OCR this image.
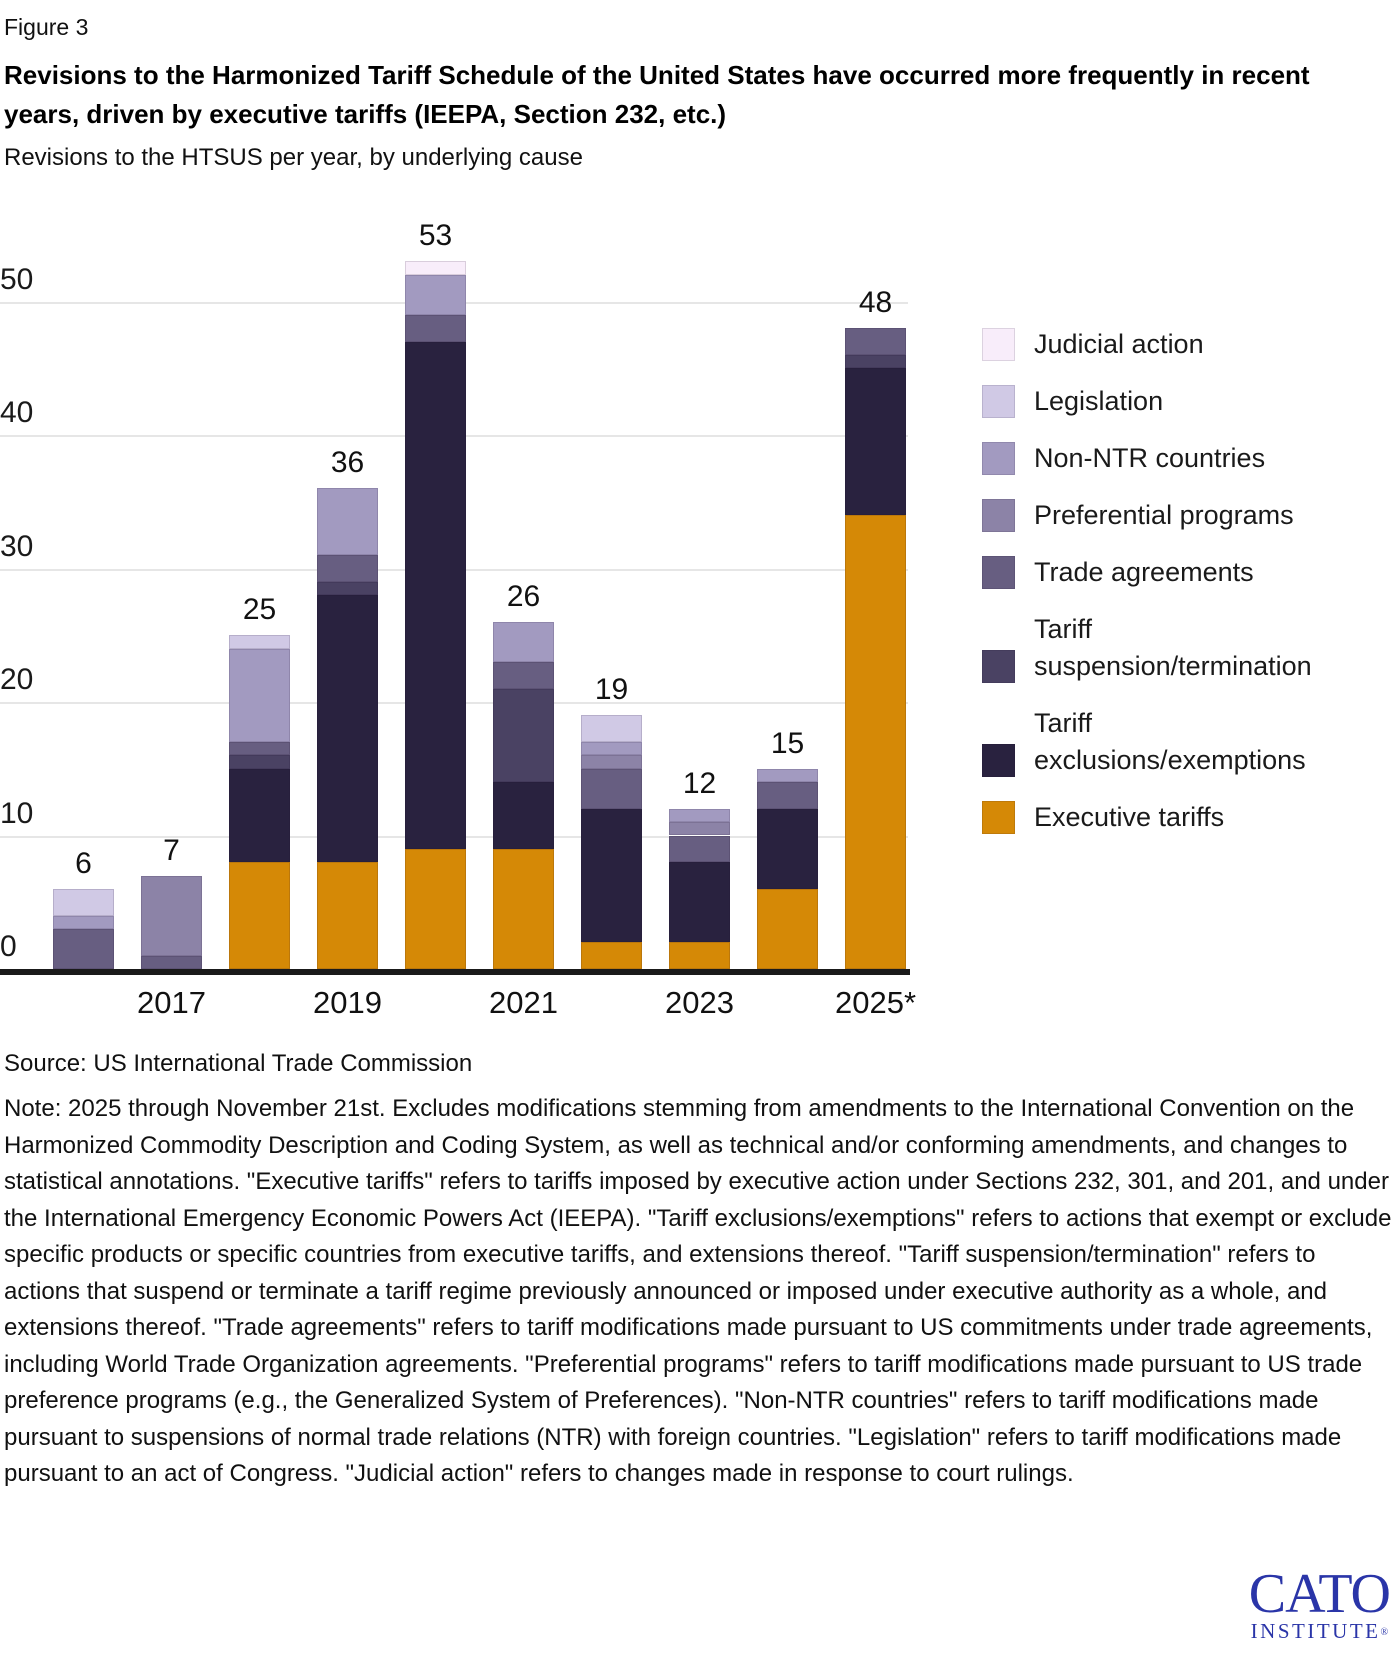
Figure 3
Revisions to the Harmonized Tariff Schedule of the United States have occurred more frequently in recent years, driven by executive tariffs (IEEPA, Section 232, etc.)
Revisions to the HTSUS per year, by underlying cause
0
10
20
30
40
50
6	7
2017
25
36
2019
53
26
2021
19
12
2023
15
48
2025*
Judicial action
Legislation
Non-NTR countries
Preferential programs
Trade agreements
Tariff suspension/termination
Tariff exclusions/exemptions
Executive tariffs
Source: US International Trade Commission
Note: 2025 through November 21st. Excludes modifications stemming from amendments to the International Convention on the Harmonized Commodity Description and Coding System, as well as technical and/or conforming amendments, and changes to statistical annotations. "Executive tariffs" refers to tariffs imposed by executive action under Sections 232, 301, and 201, and under the International Emergency Economic Powers Act (IEEPA). "Tariff exclusions/exemptions" refers to actions that exempt or exclude specific products or specific countries from executive tariffs, and extensions thereof. "Tariff suspension/termination" refers to actions that suspend or terminate a tariff regime previously announced or imposed under executive authority as a whole, and extensions thereof. "Trade agreements" refers to tariff modifications made pursuant to US commitments under trade agreements, including World Trade Organization agreements. "Preferential programs" refers to tariff modifications made pursuant to US trade preference programs (e.g., the Generalized System of Preferences). "Non-NTR countries" refers to tariff modifications made pursuant to suspensions of normal trade relations (NTR) with foreign countries. "Legislation" refers to tariff modifications made pursuant to an act of Congress. "Judicial action" refers to changes made in response to court rulings.
CATO
INSTITUTE®
